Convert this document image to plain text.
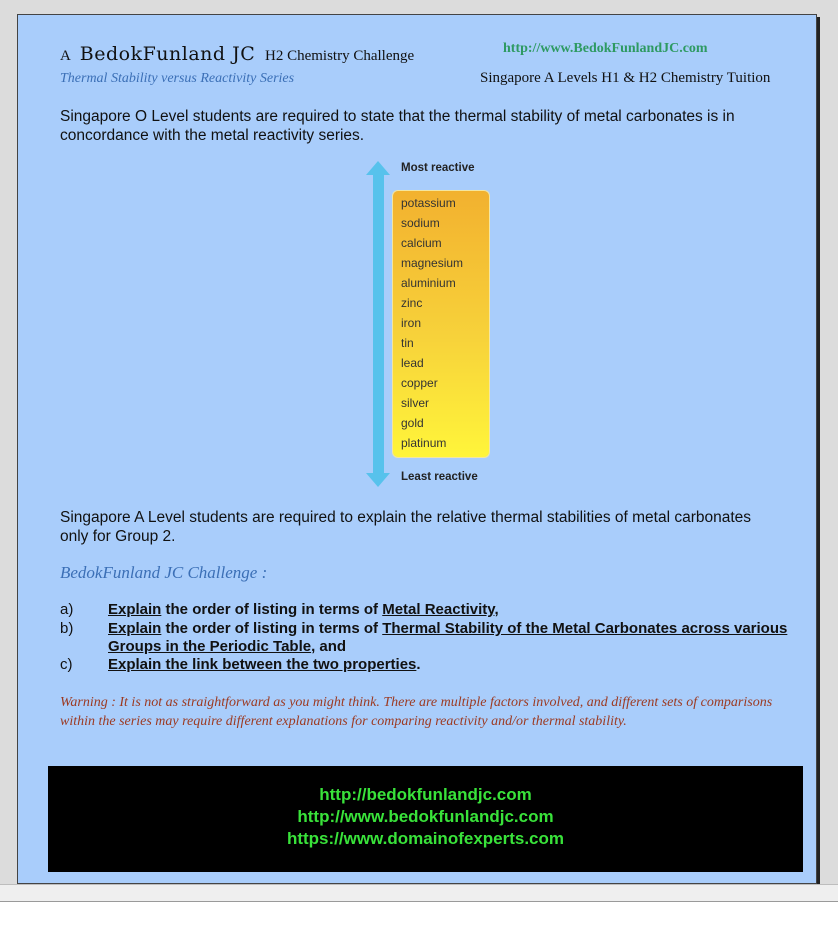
A BedokFunland JC H2 Chemistry Challenge	http://www.BedokFunlandJC.com
Thermal Stability versus Reactivity Series	Singapore A Levels H1 & H2 Chemistry Tuition
Singapore O Level students are required to state that the thermal stability of metal carbonates is in concordance with the metal reactivity series.
Most reactive
potassium
sodium
calcium
magnesium
aluminium
zinc
iron
tin
lead
copper
silver
gold
platinum
Least reactive
Singapore A Level students are required to explain the relative thermal stabilities of metal carbonates only for Group 2.
BedokFunland JC Challenge :
a)	Explain the order of listing in terms of Metal Reactivity,
b)	Explain the order of listing in terms of Thermal Stability of the Metal Carbonates across various Groups in the Periodic Table, and
c)	Explain the link between the two properties.
Warning : It is not as straightforward as you might think. There are multiple factors involved, and different sets of comparisons within the series may require different explanations for comparing reactivity and/or thermal stability.
http://bedokfunlandjc.com
http://www.bedokfunlandjc.com
https://www.domainofexperts.com
